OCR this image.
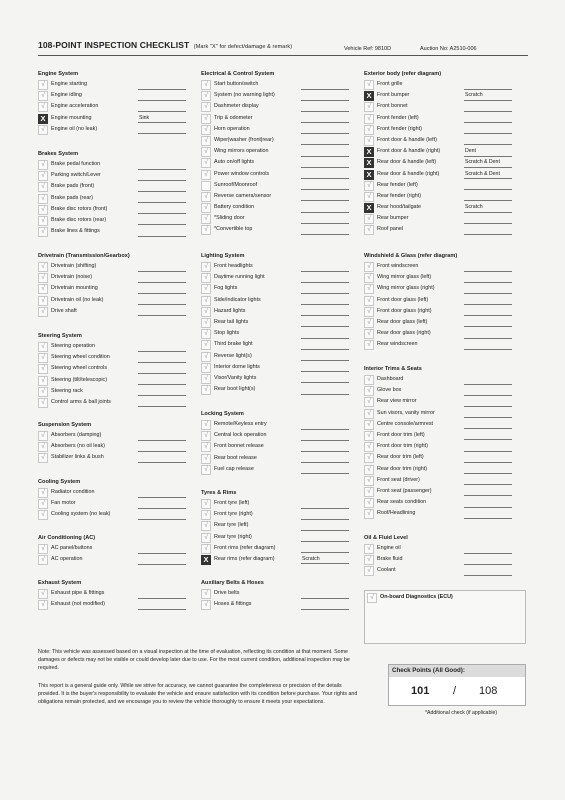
108-POINT INSPECTION CHECKLIST (Mark "X" for defect/damage & remark)	Vehicle Ref: 9810D	Auction No: A2510-006
Engine System
√	Engine starting
√	Engine idling
√	Engine acceleration
X	Engine mounting	Sink
√	Engine oil (no leak)
Brakes System
√	Brake pedal function
√	Parking switch/Lever
√	Brake pads (front)
√	Brake pads (rear)
√	Brake disc rotors (front)
√	Brake disc rotors (rear)
√	Brake lines & fittings
Drivetrain (Transmission/Gearbox)
√	Drivetrain (shifting)
√	Drivetrain (noise)
√	Drivetrain mounting
√	Drivetrain oil (no leak)
√	Drive shaft
Steering System
√	Steering operation
√	Steering wheel condition
√	Steering wheel controls
√	Steering (tilt/telescopic)
√	Steering rack
√	Control arms & ball joints
Suspension System
√	Absorbers (damping)
√	Absorbers (no oil leak)
√	Stabilizer links & bush
Cooling System
√	Radiator condition
√	Fan motor
√	Cooling system (no leak)
Air Conditioning (AC)
√	AC panel/buttons
√	AC operation
Exhaust System
√	Exhaust pipe & fittings
√	Exhaust (not modified)
Electrical & Control System
√	Start button/switch
√	System (no warning light)
√	Dashmeter display
√	Trip & odometer
√	Horn operation
√	Wiper|washer (front|rear)
√	Wing mirrors operation
√	Auto on/off lights
√	Power window controls
Sunroof/Moonroof
√	Reverse camera/sensor
√	Battery condition
√	*Sliding door
√	*Convertible top
Lighting System
√	Front headlights
√	Daytime running light
√	Fog lights
√	Side/indicator lights
√	Hazard lights
√	Rear tail lights
√	Stop lights
√	Third brake light
√	Reverse light(s)
√	Interior dome lights
√	Visor/Vanity lights
√	Rear boot light(s)
Locking System
√	Remote/Keyless entry
√	Central lock operation
√	Front bonnet release
√	Rear boot release
√	Fuel cap release
Tyres & Rims
√	Front tyre (left)
√	Front tyre (right)
√	Rear tyre (left)
√	Rear tyre (right)
√	Front rims (refer diagram)
X	Rear rims (refer diagram)	Scratch
Auxiliary Belts & Hoses
√	Drive belts
√	Hoses & fittings
Exterior body (refer diagram)
√	Front grille
X	Front bumper	Scratch
√	Front bonnet
√	Front fender (left)
√	Front fender (right)
√	Front door & handle (left)
X	Front door & handle (right)	Dent
X	Rear door & handle (left)	Scratch & Dent
X	Rear door & handle (right)	Scratch & Dent
√	Rear fender (left)
√	Rear fender (right)
X	Rear hood/tailgate	Scratch
√	Rear bumper
√	Roof panel
Windshield & Glass (refer diagram)
√	Front windscreen
√	Wing mirror glass (left)
√	Wing mirror glass (right)
√	Front door glass (left)
√	Front door glass (right)
√	Rear door glass (left)
√	Rear door glass (right)
√	Rear windscreen
Interior Trims & Seats
√	Dashboard
√	Glove box
√	Rear view mirror
√	Sun visors, vanity mirror
√	Centre console/armrest
√	Front door trim (left)
√	Front door trim (right)
√	Rear door trim (left)
√	Rear door trim (right)
√	Front seat (driver)
√	Front seat (passenger)
√	Rear seats condition
√	Roof/Headlining
Oil & Fluid Level
√	Engine oil
√	Brake fluid
√	Coolant
√	On-board Diagnostics (ECU)
Note: This vehicle was assessed based on a visual inspection at the time of evaluation, reflecting its condition at that moment. Some damages or defects may not be visible or could develop later due to use. For the most current condition, additional inspection may be required.
This report is a general guide only. While we strive for accuracy, we cannot guarantee the completeness or precision of the details provided. It is the buyer's responsibility to evaluate the vehicle and ensure satisfaction with its condition before purchase. Your rights and obligations remain protected, and we encourage you to review the vehicle thoroughly to ensure it meets your expectations.
Check Points (All Good):
101 / 108
*Additional check (if applicable)
